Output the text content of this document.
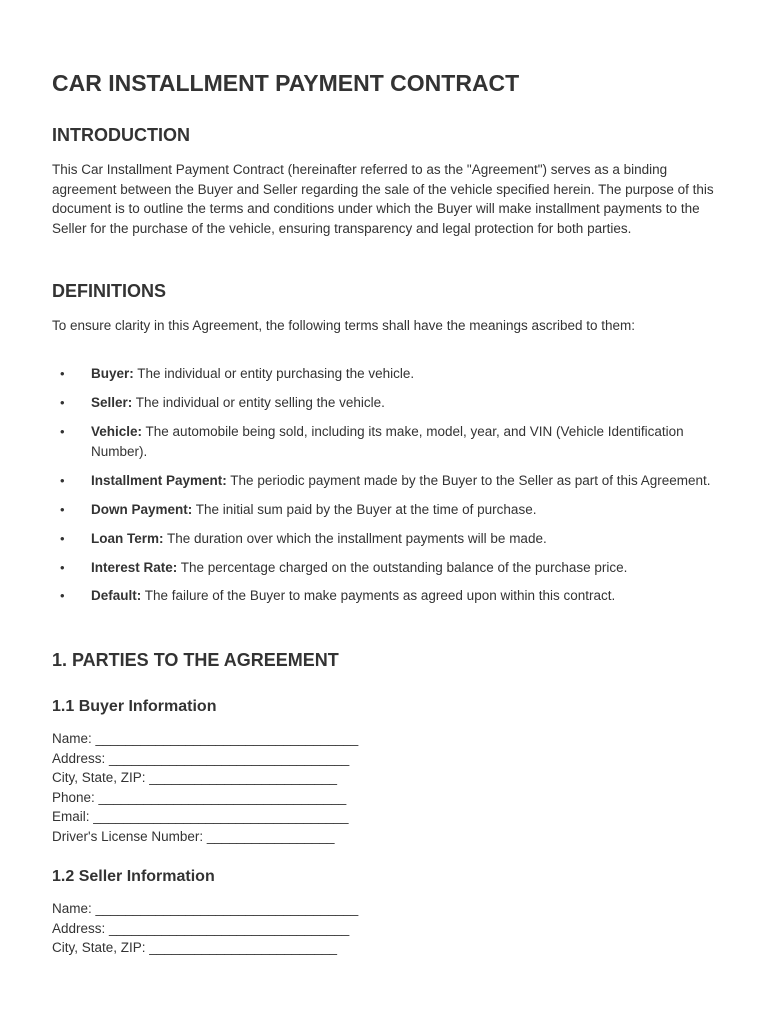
CAR INSTALLMENT PAYMENT CONTRACT
INTRODUCTION

This Car Installment Payment Contract (hereinafter referred to as the "Agreement") serves as a binding agreement between the Buyer and Seller regarding the sale of the vehicle specified herein. The purpose of this document is to outline the terms and conditions under which the Buyer will make installment payments to the Seller for the purchase of the vehicle, ensuring transparency and legal protection for both parties.

DEFINITIONS

To ensure clarity in this Agreement, the following terms shall have the meanings ascribed to them:

• Buyer: The individual or entity purchasing the vehicle.
• Seller: The individual or entity selling the vehicle.
• Vehicle: The automobile being sold, including its make, model, year, and VIN (Vehicle Identification Number).
• Installment Payment: The periodic payment made by the Buyer to the Seller as part of this Agreement.
• Down Payment: The initial sum paid by the Buyer at the time of purchase.
• Loan Term: The duration over which the installment payments will be made.
• Interest Rate: The percentage charged on the outstanding balance of the purchase price.
• Default: The failure of the Buyer to make payments as agreed upon within this contract.
1. PARTIES TO THE AGREEMENT
1.1 Buyer Information
Name: ___________________________________
Address: ________________________________
City, State, ZIP: _________________________
Phone: _________________________________
Email: __________________________________
Driver's License Number: _________________
1.2 Seller Information
Name: ___________________________________
Address: ________________________________
City, State, ZIP: _________________________
